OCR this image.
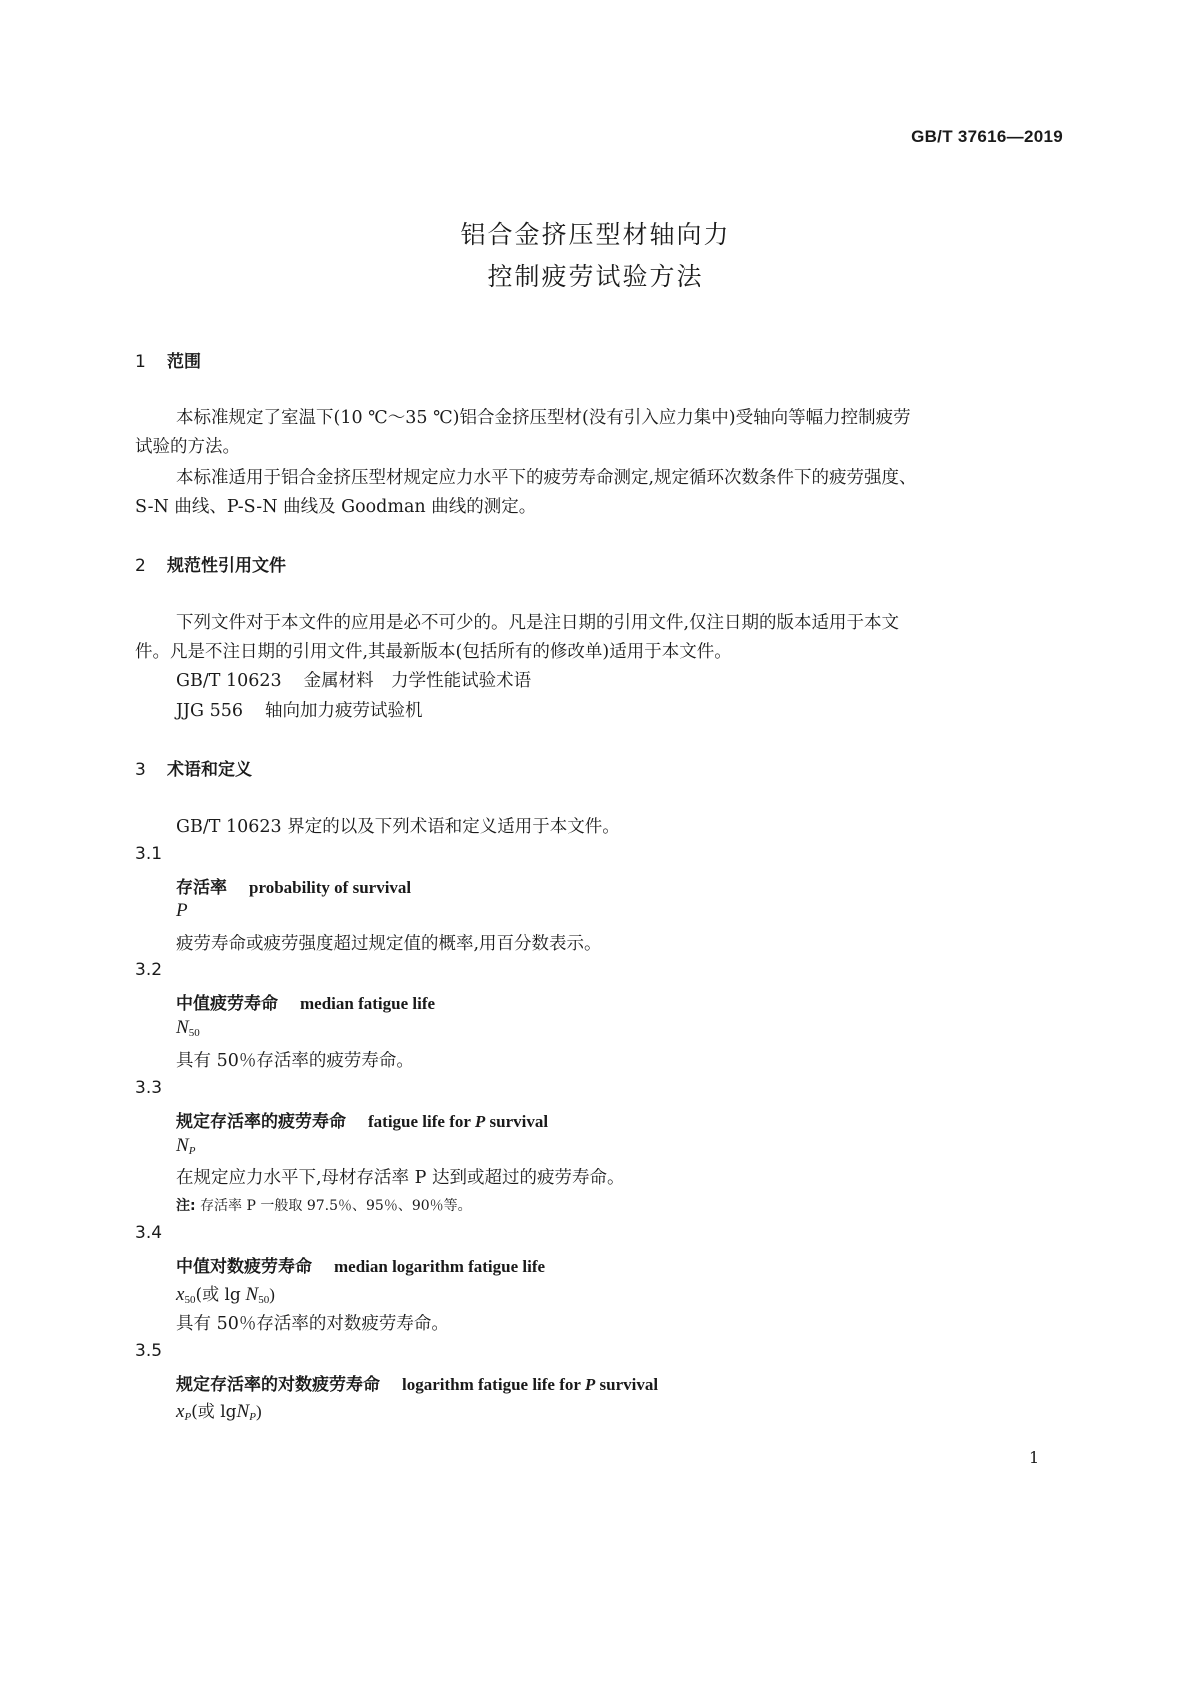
GB/T 37616—2019
铝合金挤压型材轴向力
控制疲劳试验方法
1 范围
本标准规定了室温下(10 ℃～35 ℃)铝合金挤压型材(没有引入应力集中)受轴向等幅力控制疲劳
试验的方法。
本标准适用于铝合金挤压型材规定应力水平下的疲劳寿命测定,规定循环次数条件下的疲劳强度、
S-N 曲线、P-S-N 曲线及 Goodman 曲线的测定。
2 规范性引用文件
下列文件对于本文件的应用是必不可少的。凡是注日期的引用文件,仅注日期的版本适用于本文
件。凡是不注日期的引用文件,其最新版本(包括所有的修改单)适用于本文件。
GB/T 10623 金属材料　力学性能试验术语
JJG 556 轴向加力疲劳试验机
3 术语和定义
GB/T 10623 界定的以及下列术语和定义适用于本文件。
3.1
存活率 probability of survival
P
疲劳寿命或疲劳强度超过规定值的概率,用百分数表示。
3.2
中值疲劳寿命 median fatigue life
$N_{50}$
具有 50％存活率的疲劳寿命。
3.3
规定存活率的疲劳寿命 fatigue life for P survival
$N_P$
在规定应力水平下,母材存活率 P 达到或超过的疲劳寿命。
注: 存活率 P 一般取 97.5％、95％、90％等。
3.4
中值对数疲劳寿命 median logarithm fatigue life
$x_{50}$(或 $\lg N_{50}$)
具有 50％存活率的对数疲劳寿命。
3.5
规定存活率的对数疲劳寿命 logarithm fatigue life for P survival
$x_P$(或 lgN$_P$)
1
